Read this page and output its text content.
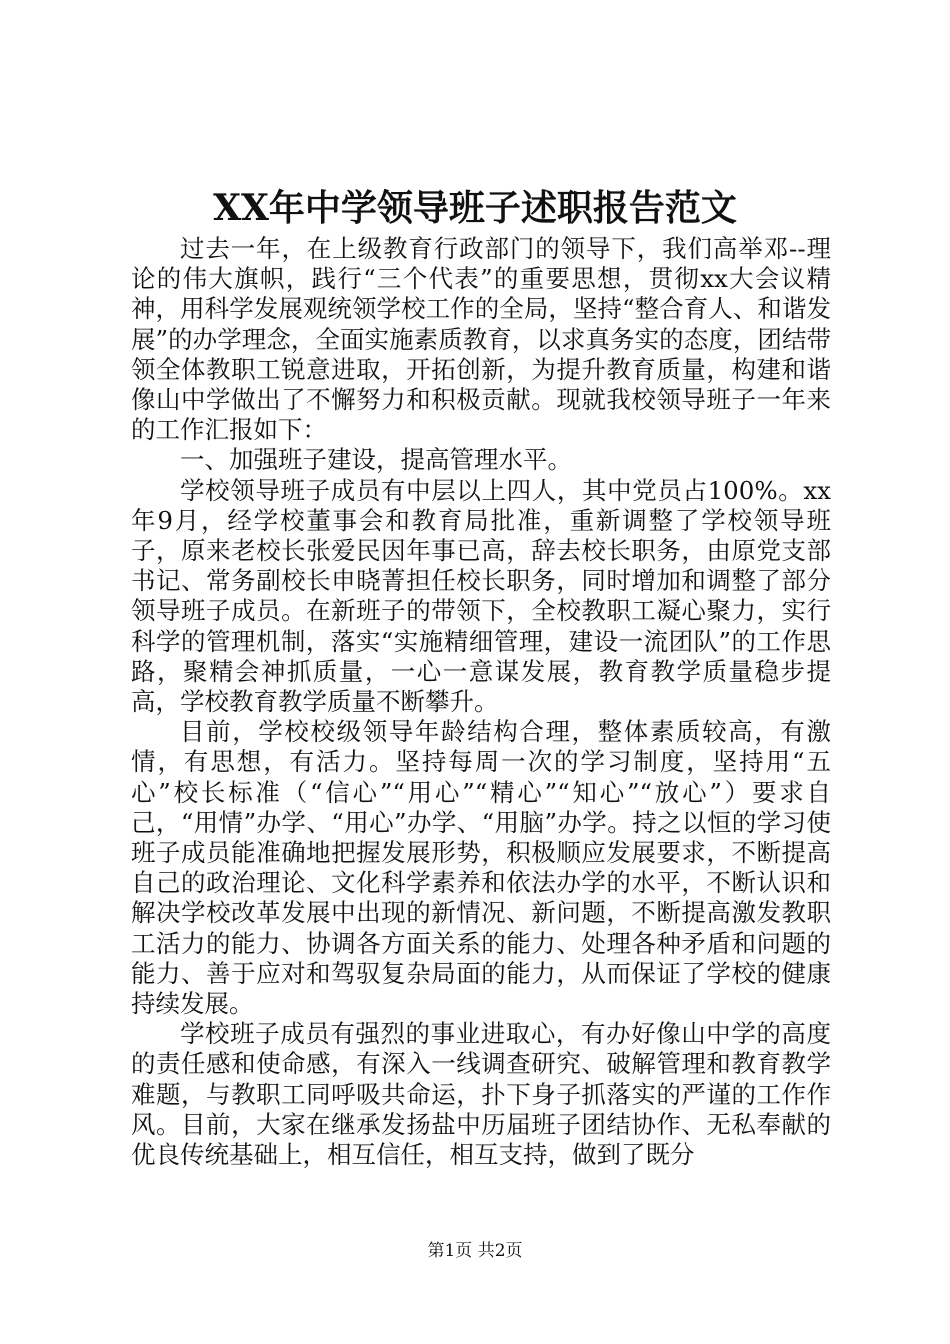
XX年中学领导班子述职报告范文

过去一年，在上级教育行政部门的领导下，我们高举邓--理论的伟大旗帜，践行“三个代表”的重要思想，贯彻xx大会议精神，用科学发展观统领学校工作的全局，坚持“整合育人、和谐发展”的办学理念，全面实施素质教育，以求真务实的态度，团结带领全体教职工锐意进取，开拓创新，为提升教育质量，构建和谐像山中学做出了不懈努力和积极贡献。现就我校领导班子一年来的工作汇报如下：

一、加强班子建设，提高管理水平。

学校领导班子成员有中层以上四人，其中党员占100%。xx年9月，经学校董事会和教育局批准，重新调整了学校领导班子，原来老校长张爱民因年事已高，辞去校长职务，由原党支部书记、常务副校长申晓菁担任校长职务，同时增加和调整了部分领导班子成员。在新班子的带领下，全校教职工凝心聚力，实行科学的管理机制，落实“实施精细管理，建设一流团队”的工作思路，聚精会神抓质量，一心一意谋发展，教育教学质量稳步提高，学校教育教学质量不断攀升。

目前，学校校级领导年龄结构合理，整体素质较高，有激情，有思想，有活力。坚持每周一次的学习制度，坚持用“五心”校长标准（“信心”“用心”“精心”“知心”“放心”）要求自己，“用情”办学、“用心”办学、“用脑”办学。持之以恒的学习使班子成员能准确地把握发展形势，积极顺应发展要求，不断提高自己的政治理论、文化科学素养和依法办学的水平，不断认识和解决学校改革发展中出现的新情况、新问题，不断提高激发教职工活力的能力、协调各方面关系的能力、处理各种矛盾和问题的能力、善于应对和驾驭复杂局面的能力，从而保证了学校的健康持续发展。

学校班子成员有强烈的事业进取心，有办好像山中学的高度的责任感和使命感，有深入一线调查研究、破解管理和教育教学难题，与教职工同呼吸共命运，扑下身子抓落实的严谨的工作作风。目前，大家在继承发扬盐中历届班子团结协作、无私奉献的优良传统基础上，相互信任，相互支持，做到了既分

第1页 共2页
